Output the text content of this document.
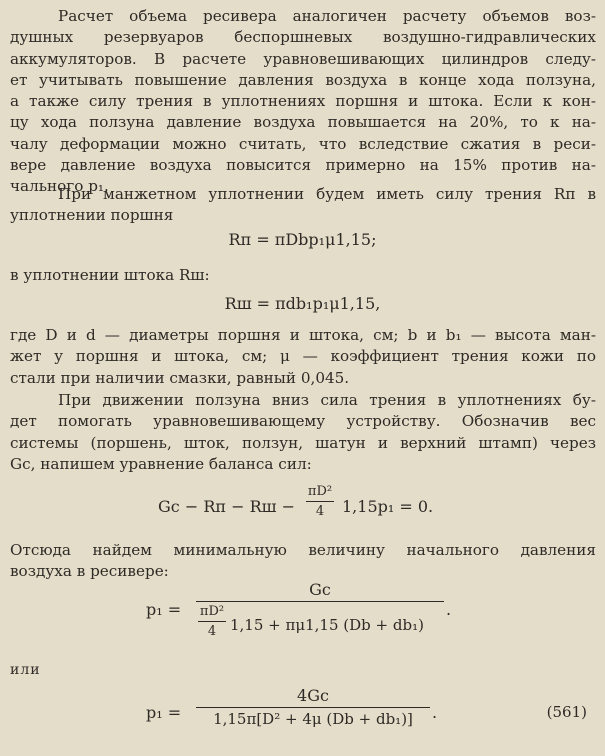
Расчет объема ресивера аналогичен расчету объемов воз-
душных резервуаров беспоршневых воздушно-гидравлических
аккумуляторов. В расчете уравновешивающих цилиндров следу-
ет учитывать повышение давления воздуха в конце хода ползуна,
а также силу трения в уплотнениях поршня и штока. Если к кон-
цу хода ползуна давление воздуха повышается на 20%, то к на-
чалу деформации можно считать, что вследствие сжатия в реси-
вере давление воздуха повысится примерно на 15% против на-
чального p₁.

При манжетном уплотнении будем иметь силу трения Rп в
уплотнении поршня

Rп = πDbp₁μ1,15;

в уплотнении штока Rш:

Rш = πdb₁p₁μ1,15,

где D и d — диаметры поршня и штока, см; b и b₁ — высота ман-
жет у поршня и штока, см; μ — коэффициент трения кожи по
стали при наличии смазки, равный 0,045.

При движении ползуна вниз сила трения в уплотнениях бу-
дет помогать уравновешивающему устройству. Обозначив вес
системы (поршень, шток, ползун, шатун и верхний штамп) через
Gс, напишем уравнение баланса сил:

Gс − Rп − Rш −
πD²
4	1,15p₁ = 0.

Отсюда найдем минимальную величину начального давления
воздуха в ресивере:

p₁ =
Gс
πD²
4 1,15 + πμ1,15 (Db + db₁)
.
или
p₁ =
4Gс
1,15π[D² + 4μ (Db + db₁)]	.	(561)
